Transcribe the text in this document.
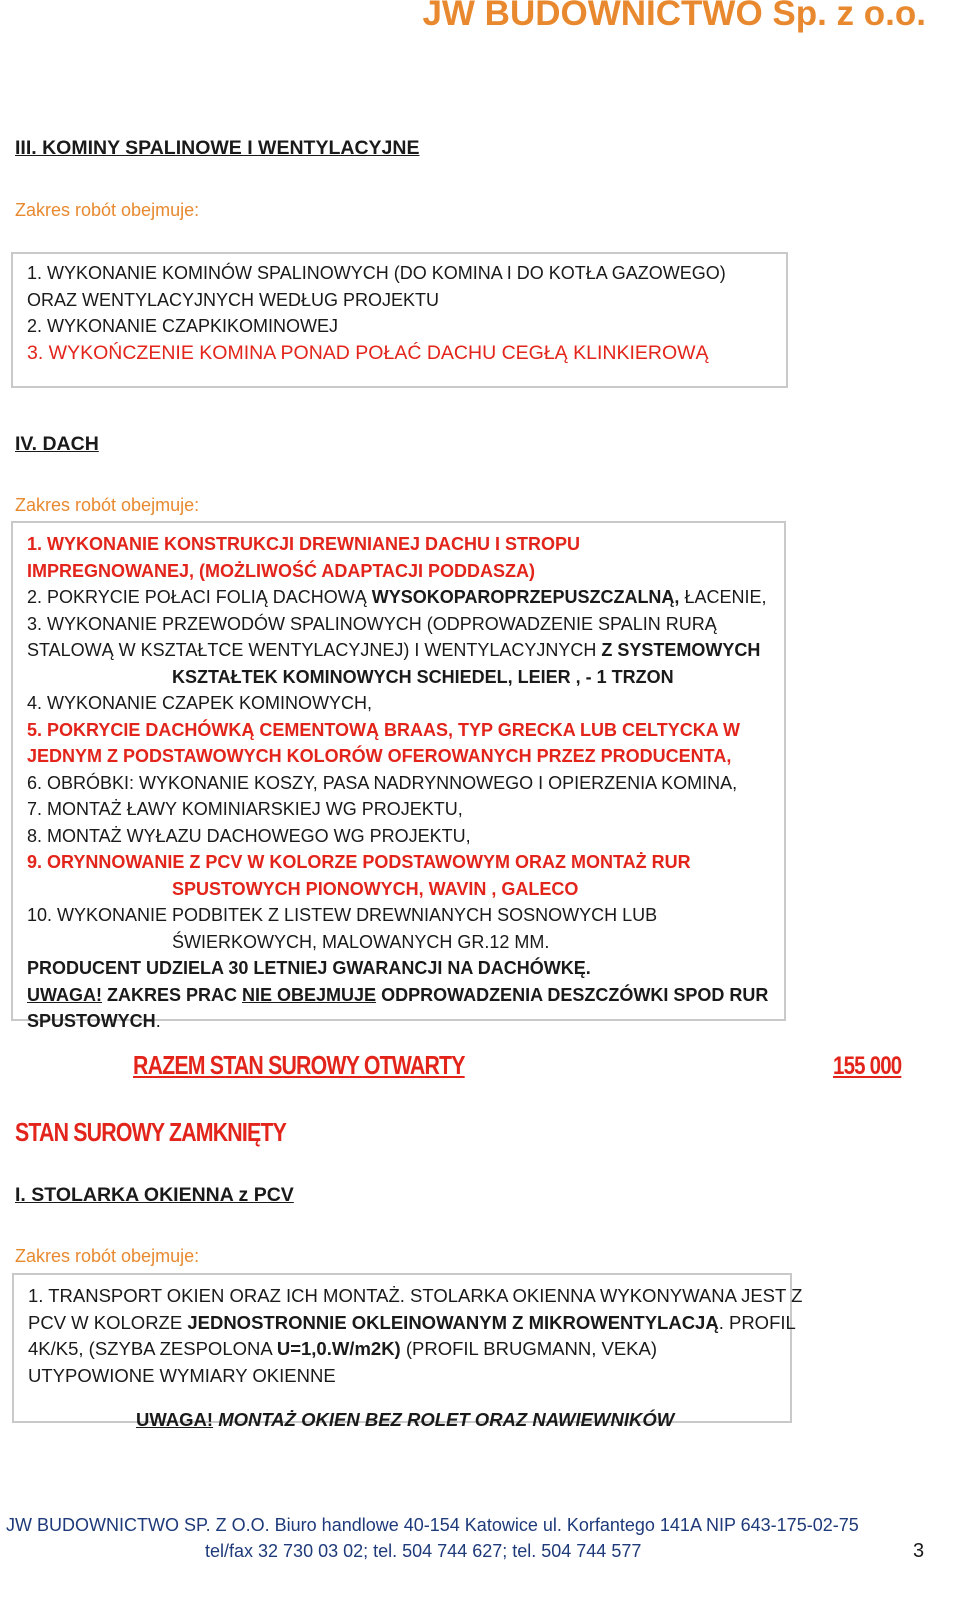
JW BUDOWNICTWO Sp. z o.o.
III. KOMINY SPALINOWE I WENTYLACYJNE
Zakres robót obejmuje:
1. WYKONANIE KOMINÓW SPALINOWYCH (DO KOMINA I DO KOTŁA GAZOWEGO)
ORAZ WENTYLACYJNYCH WEDŁUG PROJEKTU
2. WYKONANIE CZAPKIKOMINOWEJ
3. WYKOŃCZENIE KOMINA PONAD POŁAĆ DACHU CEGŁĄ KLINKIEROWĄ
IV. DACH
Zakres robót obejmuje:
1. WYKONANIE KONSTRUKCJI DREWNIANEJ DACHU I STROPU
IMPREGNOWANEJ, (MOŻLIWOŚĆ ADAPTACJI PODDASZA)
2. POKRYCIE POŁACI FOLIĄ DACHOWĄ WYSOKOPAROPRZEPUSZCZALNĄ, ŁACENIE,
3. WYKONANIE PRZEWODÓW SPALINOWYCH (ODPROWADZENIE SPALIN RURĄ
STALOWĄ W KSZTAŁTCE WENTYLACYJNEJ) I WENTYLACYJNYCH Z SYSTEMOWYCH
KSZTAŁTEK KOMINOWYCH SCHIEDEL, LEIER , - 1 TRZON
4. WYKONANIE CZAPEK KOMINOWYCH,
5. POKRYCIE DACHÓWKĄ CEMENTOWĄ BRAAS, TYP GRECKA LUB CELTYCKA W
JEDNYM Z PODSTAWOWYCH KOLORÓW OFEROWANYCH PRZEZ PRODUCENTA,
6. OBRÓBKI: WYKONANIE KOSZY, PASA NADRYNNOWEGO I OPIERZENIA KOMINA,
7. MONTAŻ ŁAWY KOMINIARSKIEJ WG PROJEKTU,
8. MONTAŻ WYŁAZU DACHOWEGO WG PROJEKTU,
9. ORYNNOWANIE Z PCV W KOLORZE PODSTAWOWYM ORAZ MONTAŻ RUR
SPUSTOWYCH PIONOWYCH, WAVIN , GALECO
10. WYKONANIE PODBITEK Z LISTEW DREWNIANYCH SOSNOWYCH LUB
ŚWIERKOWYCH, MALOWANYCH GR.12 MM.
PRODUCENT UDZIELA 30 LETNIEJ GWARANCJI NA DACHÓWKĘ.
UWAGA! ZAKRES PRAC NIE OBEJMUJE ODPROWADZENIA DESZCZÓWKI SPOD RUR
SPUSTOWYCH.
RAZEM STAN SUROWY OTWARTY	155 000
STAN SUROWY ZAMKNIĘTY
I. STOLARKA OKIENNA z PCV
Zakres robót obejmuje:
1. TRANSPORT OKIEN ORAZ ICH MONTAŻ. STOLARKA OKIENNA WYKONYWANA JEST Z
PCV W KOLORZE JEDNOSTRONNIE OKLEINOWANYM Z MIKROWENTYLACJĄ. PROFIL
4K/K5, (SZYBA ZESPOLONA U=1,0.W/m2K) (PROFIL BRUGMANN, VEKA)
UTYPOWIONE WYMIARY OKIENNE
UWAGA! MONTAŻ OKIEN BEZ ROLET ORAZ NAWIEWNIKÓW
JW BUDOWNICTWO SP. Z O.O. Biuro handlowe 40-154 Katowice ul. Korfantego 141A NIP 643-175-02-75
tel/fax 32 730 03 02; tel. 504 744 627; tel. 504 744 577	3
